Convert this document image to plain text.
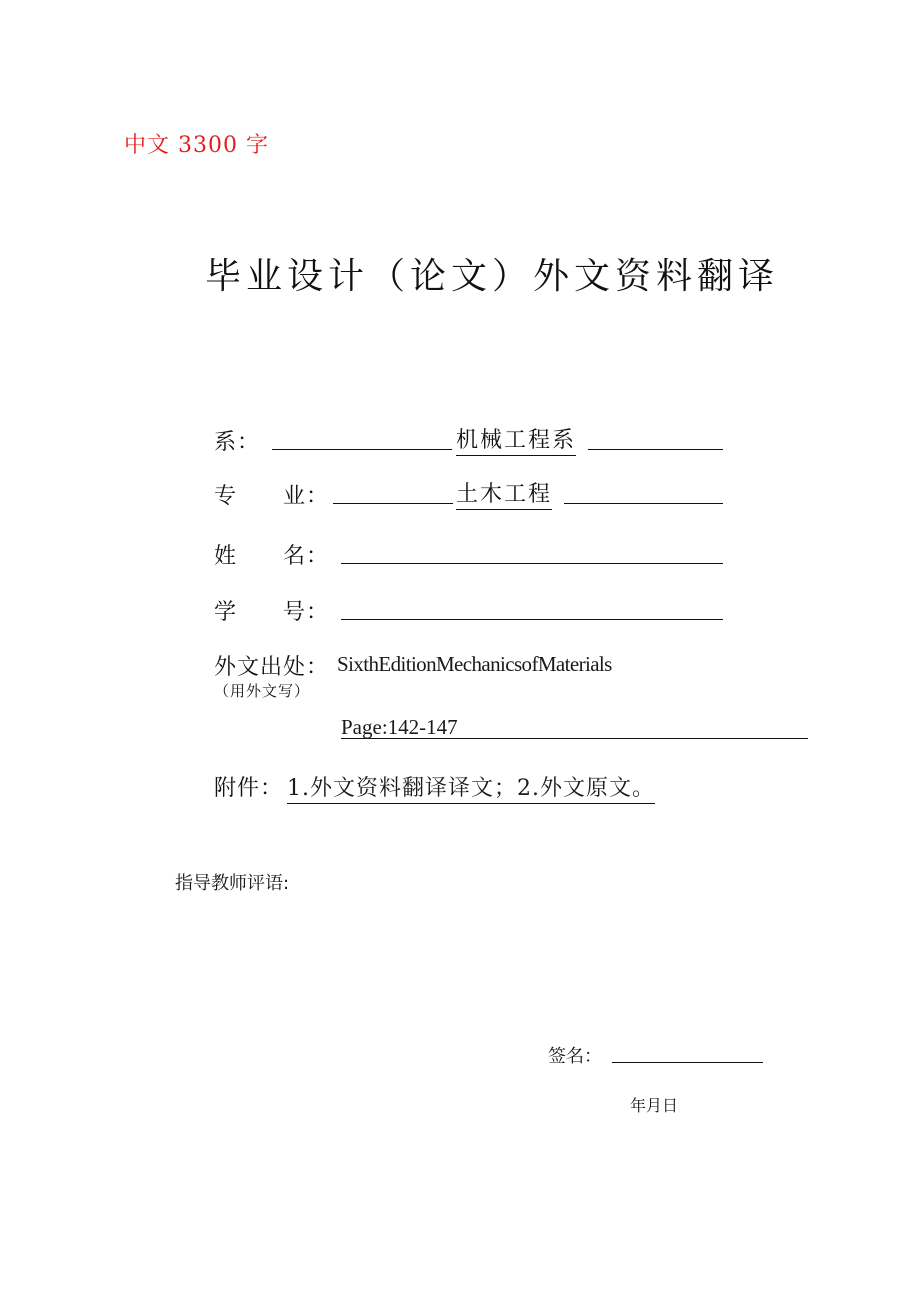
中文 3300 字
毕业设计（论文）外文资料翻译
系：	机械工程系
专　　业：	土木工程
姓　　名：
学　　号：
外文出处： SixthEditionMechanicsofMaterials
（用外文写）
Page:142-147
附件： 1.外文资料翻译译文；2.外文原文。
指导教师评语:
签名：
年月日
